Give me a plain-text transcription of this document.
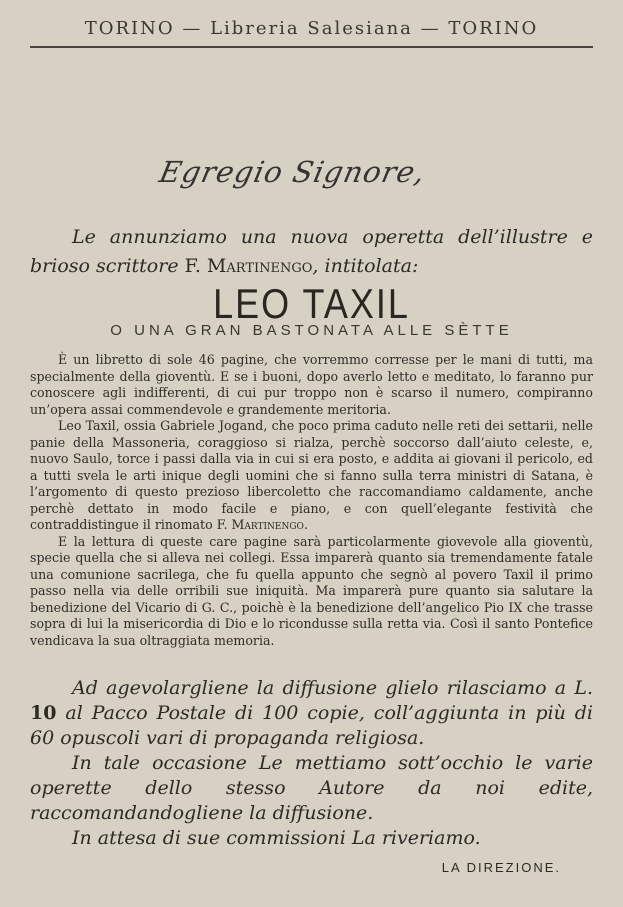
TORINO — Libreria Salesiana — TORINO
Egregio Signore,
Le annunziamo una nuova operetta dell’illustre e brioso scrittore F. Martinengo, intitolata:
LEO TAXIL
O UNA GRAN BASTONATA ALLE SÈTTE

È un libretto di sole 46 pagine, che vorremmo corresse per le mani di tutti, ma specialmente della gioventù. E se i buoni, dopo averlo letto e meditato, lo faranno pur conoscere agli indifferenti, di cui pur troppo non è scarso il numero, compiranno un’opera assai commendevole e grandemente meritoria.

Leo Taxil, ossia Gabriele Jogand, che poco prima caduto nelle reti dei settarii, nelle panie della Massoneria, coraggioso si rialza, perchè soccorso dall’aiuto celeste, e, nuovo Saulo, torce i passi dalla via in cui si era posto, e addita ai giovani il pericolo, ed a tutti svela le arti inique degli uomini che si fanno sulla terra ministri di Satana, è l’argomento di questo prezioso libercoletto che raccomandiamo caldamente, anche perchè dettato in modo facile e piano, e con quell’elegante festività che contraddistingue il rinomato F. Martinengo.

E la lettura di queste care pagine sarà particolarmente giovevole alla gioventù, specie quella che si alleva nei collegi. Essa imparerà quanto sia tremendamente fatale una comunione sacrilega, che fu quella appunto che segnò al povero Taxil il primo passo nella via delle orribili sue iniquità. Ma imparerà pure quanto sia salutare la benedizione del Vicario di G. C., poichè è la benedizione dell’angelico Pio IX che trasse sopra di lui la misericordia di Dio e lo ricondusse sulla retta via. Così il santo Pontefice vendicava la sua oltraggiata memoria.

Ad agevolargliene la diffusione glielo rilasciamo a L. 10 al Pacco Postale di 100 copie, coll’aggiunta in più di 60 opuscoli vari di propaganda religiosa.

In tale occasione Le mettiamo sott’occhio le varie operette dello stesso Autore da noi edite, raccomandandogliene la diffusione.

In attesa di sue commissioni La riveriamo.

LA DIREZIONE.
